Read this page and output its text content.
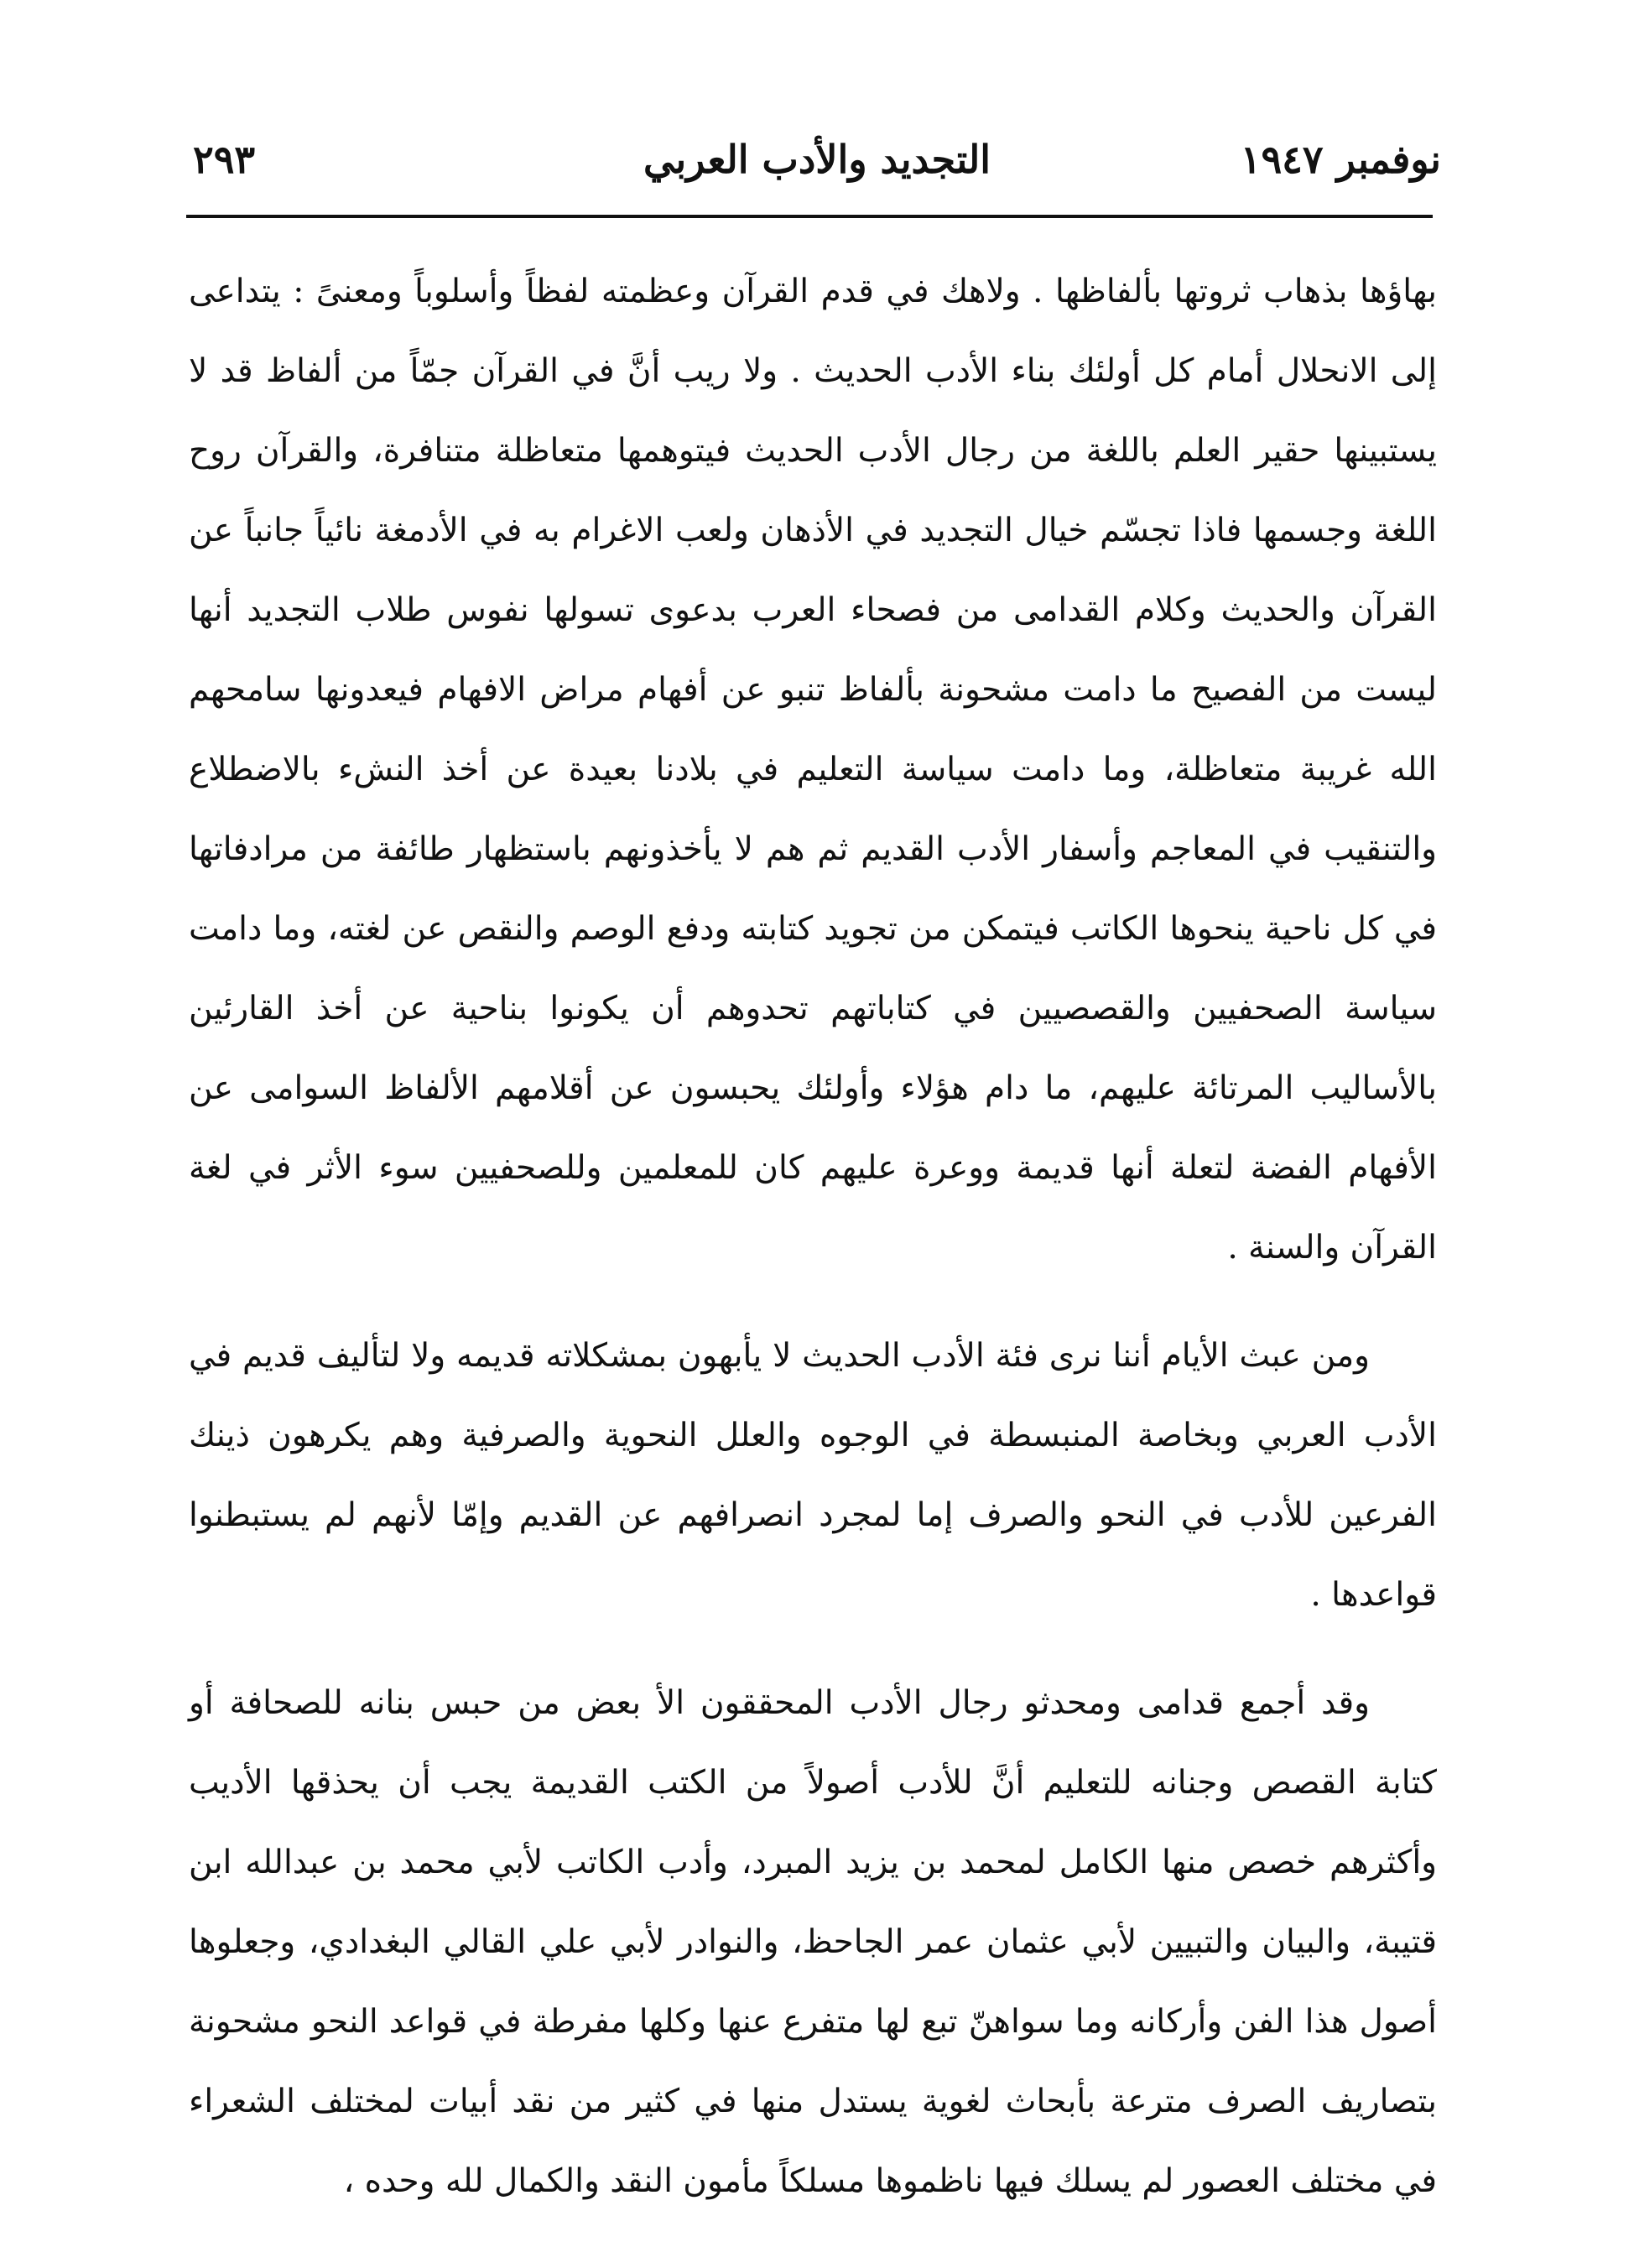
نوفمبر ١٩٤٧
التجديد والأدب العربي
٢٩٣

بهاؤها بذهاب ثروتها بألفاظها . ولاهك في قدم القرآن وعظمته لفظاً وأسلوباً ومعنىً : يتداعى إلى الانحلال أمام كل أولئك بناء الأدب الحديث . ولا ريب أنَّ في القرآن جمّاً من ألفاظ قد لا يستبينها حقير العلم باللغة من رجال الأدب الحديث فيتوهمها متعاظلة متنافرة، والقرآن روح اللغة وجسمها فاذا تجسّم خيال التجديد في الأذهان ولعب الاغرام به في الأدمغة نائياً جانباً عن القرآن والحديث وكلام القدامى من فصحاء العرب بدعوى تسولها نفوس طلاب التجديد أنها ليست من الفصيح ما دامت مشحونة بألفاظ تنبو عن أفهام مراض الافهام فيعدونها سامحهم الله غريبة متعاظلة، وما دامت سياسة التعليم في بلادنا بعيدة عن أخذ النشء بالاضطلاع والتنقيب في المعاجم وأسفار الأدب القديم ثم هم لا يأخذونهم باستظهار طائفة من مرادفاتها في كل ناحية ينحوها الكاتب فيتمكن من تجويد كتابته ودفع الوصم والنقص عن لغته، وما دامت سياسة الصحفيين والقصصيين في كتاباتهم تحدوهم أن يكونوا بناحية عن أخذ القارئين بالأساليب المرتائة عليهم، ما دام هؤلاء وأولئك يحبسون عن أقلامهم الألفاظ السوامى عن الأفهام الفضة لتعلة أنها قديمة ووعرة عليهم كان للمعلمين وللصحفيين سوء الأثر في لغة القرآن والسنة .

ومن عبث الأيام أننا نرى فئة الأدب الحديث لا يأبهون بمشكلاته قديمه ولا لتأليف قديم في الأدب العربي وبخاصة المنبسطة في الوجوه والعلل النحوية والصرفية وهم يكرهون ذينك الفرعين للأدب في النحو والصرف إما لمجرد انصرافهم عن القديم وإمّا لأنهم لم يستبطنوا قواعدها .

وقد أجمع قدامى ومحدثو رجال الأدب المحققون الأ بعض من حبس بنانه للصحافة أو كتابة القصص وجنانه للتعليم أنَّ للأدب أصولاً من الكتب القديمة يجب أن يحذقها الأديب وأكثرهم خصص منها الكامل لمحمد بن يزيد المبرد، وأدب الكاتب لأبي محمد بن عبدالله ابن قتيبة، والبيان والتبيين لأبي عثمان عمر الجاحظ، والنوادر لأبي علي القالي البغدادي، وجعلوها أصول هذا الفن وأركانه وما سواهنّ تبع لها متفرع عنها وكلها مفرطة في قواعد النحو مشحونة بتصاريف الصرف مترعة بأبحاث لغوية يستدل منها في كثير من نقد أبيات لمختلف الشعراء في مختلف العصور لم يسلك فيها ناظموها مسلكاً مأمون النقد والكمال لله وحده ،
